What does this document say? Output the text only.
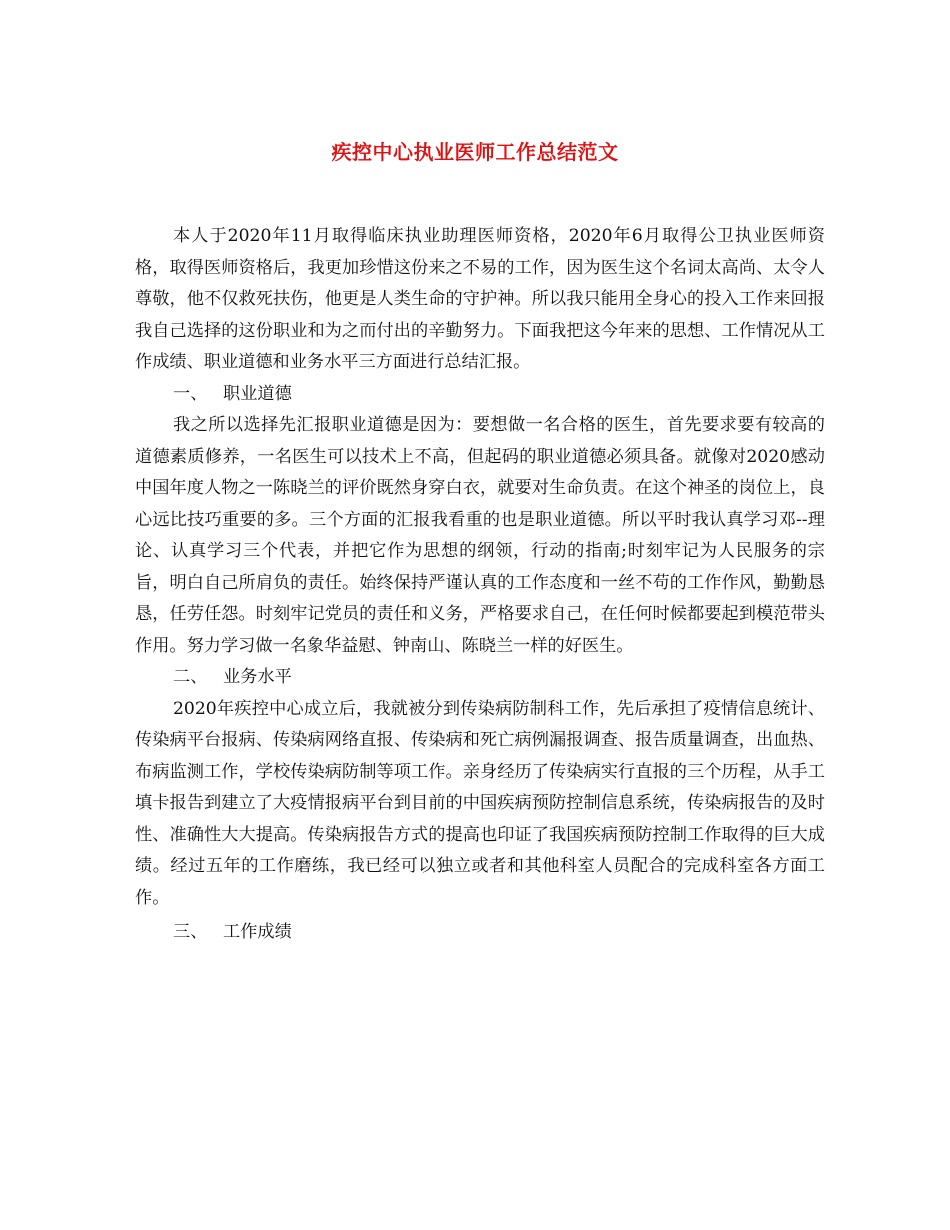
疾控中心执业医师工作总结范文

本人于2020年11月取得临床执业助理医师资格，2020年6月取得公卫执业医师资格，取得医师资格后，我更加珍惜这份来之不易的工作，因为医生这个名词太高尚、太令人尊敬，他不仅救死扶伤，他更是人类生命的守护神。所以我只能用全身心的投入工作来回报我自己选择的这份职业和为之而付出的辛勤努力。下面我把这今年来的思想、工作情况从工作成绩、职业道德和业务水平三方面进行总结汇报。

一、 职业道德

我之所以选择先汇报职业道德是因为：要想做一名合格的医生，首先要求要有较高的道德素质修养，一名医生可以技术上不高，但起码的职业道德必须具备。就像对2020感动中国年度人物之一陈晓兰的评价既然身穿白衣，就要对生命负责。在这个神圣的岗位上，良心远比技巧重要的多。三个方面的汇报我看重的也是职业道德。所以平时我认真学习邓--理论、认真学习三个代表，并把它作为思想的纲领，行动的指南;时刻牢记为人民服务的宗旨，明白自己所肩负的责任。始终保持严谨认真的工作态度和一丝不苟的工作作风，勤勤恳恳，任劳任怨。时刻牢记党员的责任和义务，严格要求自己，在任何时候都要起到模范带头作用。努力学习做一名象华益慰、钟南山、陈晓兰一样的好医生。

二、 业务水平

2020年疾控中心成立后，我就被分到传染病防制科工作，先后承担了疫情信息统计、传染病平台报病、传染病网络直报、传染病和死亡病例漏报调查、报告质量调查，出血热、布病监测工作，学校传染病防制等项工作。亲身经历了传染病实行直报的三个历程，从手工填卡报告到建立了大疫情报病平台到目前的中国疾病预防控制信息系统，传染病报告的及时性、准确性大大提高。传染病报告方式的提高也印证了我国疾病预防控制工作取得的巨大成绩。经过五年的工作磨练，我已经可以独立或者和其他科室人员配合的完成科室各方面工作。

三、 工作成绩
